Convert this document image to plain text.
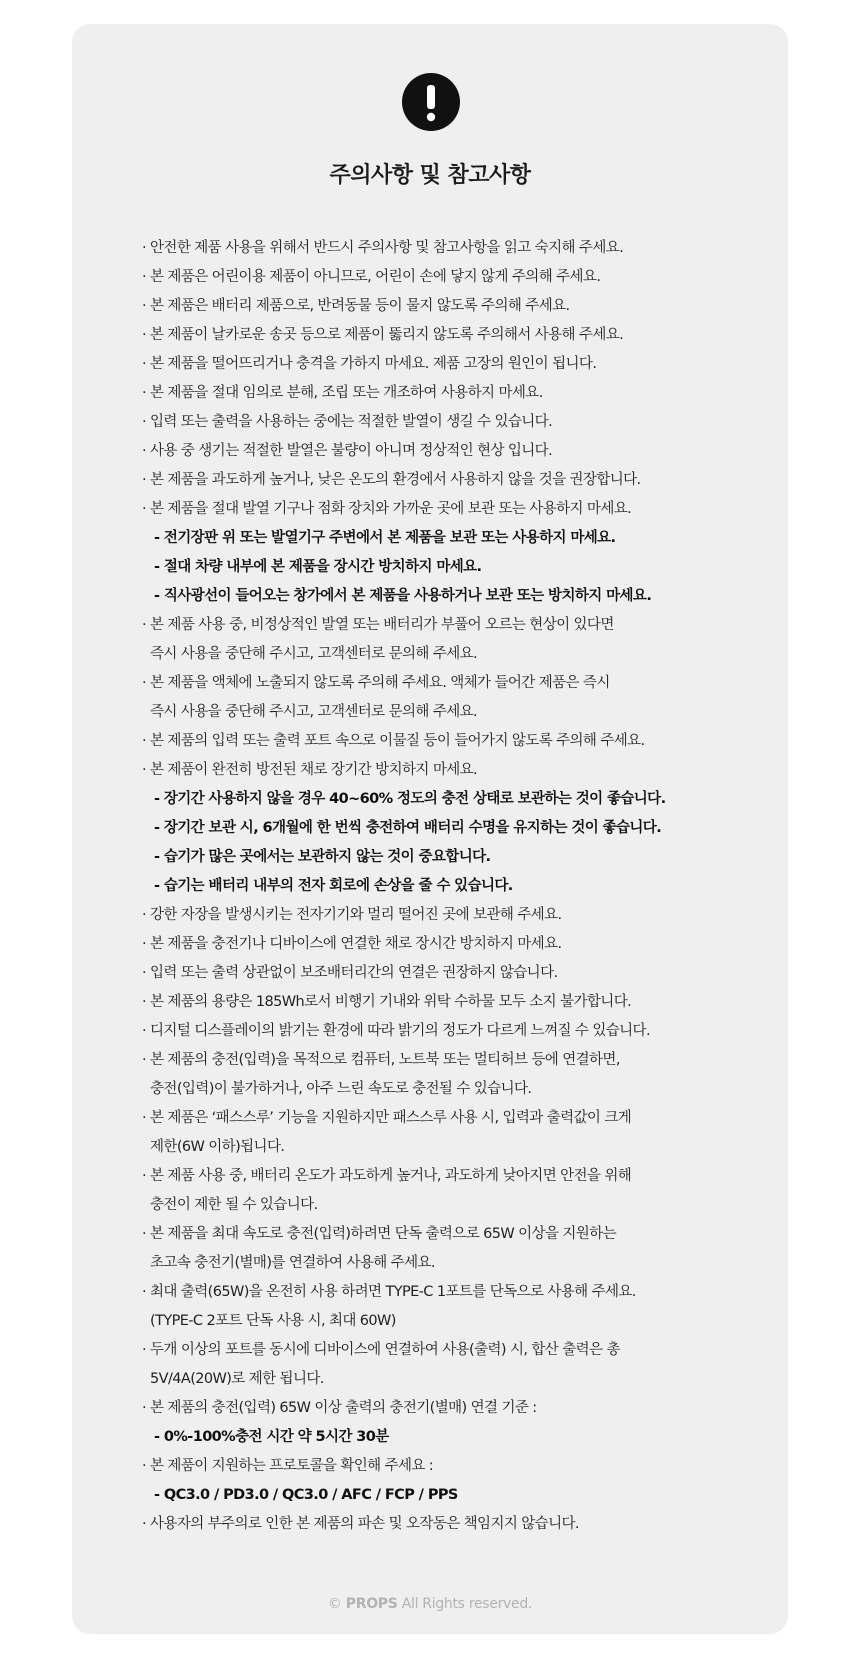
주의사항 및 참고사항
· 안전한 제품 사용을 위해서 반드시 주의사항 및 참고사항을 읽고 숙지해 주세요.
· 본 제품은 어린이용 제품이 아니므로, 어린이 손에 닿지 않게 주의해 주세요.
· 본 제품은 배터리 제품으로, 반려동물 등이 물지 않도록 주의해 주세요.
· 본 제품이 날카로운 송곳 등으로 제품이 뚫리지 않도록 주의해서 사용해 주세요.
· 본 제품을 떨어뜨리거나 충격을 가하지 마세요. 제품 고장의 원인이 됩니다.
· 본 제품을 절대 임의로 분해, 조립 또는 개조하여 사용하지 마세요.
· 입력 또는 출력을 사용하는 중에는 적절한 발열이 생길 수 있습니다.
· 사용 중 생기는 적절한 발열은 불량이 아니며 정상적인 현상 입니다.
· 본 제품을 과도하게 높거나, 낮은 온도의 환경에서 사용하지 않을 것을 권장합니다.
· 본 제품을 절대 발열 기구나 점화 장치와 가까운 곳에 보관 또는 사용하지 마세요.
- 전기장판 위 또는 발열기구 주변에서 본 제품을 보관 또는 사용하지 마세요.
- 절대 차량 내부에 본 제품을 장시간 방치하지 마세요.
- 직사광선이 들어오는 창가에서 본 제품을 사용하거나 보관 또는 방치하지 마세요.
· 본 제품 사용 중, 비정상적인 발열 또는 배터리가 부풀어 오르는 현상이 있다면
즉시 사용을 중단해 주시고, 고객센터로 문의해 주세요.
· 본 제품을 액체에 노출되지 않도록 주의해 주세요. 액체가 들어간 제품은 즉시
즉시 사용을 중단해 주시고, 고객센터로 문의해 주세요.
· 본 제품의 입력 또는 출력 포트 속으로 이물질 등이 들어가지 않도록 주의해 주세요.
· 본 제품이 완전히 방전된 채로 장기간 방치하지 마세요.
- 장기간 사용하지 않을 경우 40~60% 정도의 충전 상태로 보관하는 것이 좋습니다.
- 장기간 보관 시, 6개월에 한 번씩 충전하여 배터리 수명을 유지하는 것이 좋습니다.
- 습기가 많은 곳에서는 보관하지 않는 것이 중요합니다.
- 습기는 배터리 내부의 전자 회로에 손상을 줄 수 있습니다.
· 강한 자장을 발생시키는 전자기기와 멀리 떨어진 곳에 보관해 주세요.
· 본 제품을 충전기나 디바이스에 연결한 채로 장시간 방치하지 마세요.
· 입력 또는 출력 상관없이 보조배터리간의 연결은 권장하지 않습니다.
· 본 제품의 용량은 185Wh로서 비행기 기내와 위탁 수하물 모두 소지 불가합니다.
· 디지털 디스플레이의 밝기는 환경에 따라 밝기의 정도가 다르게 느껴질 수 있습니다.
· 본 제품의 충전(입력)을 목적으로 컴퓨터, 노트북 또는 멀티허브 등에 연결하면,
충전(입력)이 불가하거나, 아주 느린 속도로 충전될 수 있습니다.
· 본 제품은 ‘패스스루’ 기능을 지원하지만 패스스루 사용 시, 입력과 출력값이 크게
제한(6W 이하)됩니다.
· 본 제품 사용 중, 배터리 온도가 과도하게 높거나, 과도하게 낮아지면 안전을 위해
충전이 제한 될 수 있습니다.
· 본 제품을 최대 속도로 충전(입력)하려면 단독 출력으로 65W 이상을 지원하는
초고속 충전기(별매)를 연결하여 사용해 주세요.
· 최대 출력(65W)을 온전히 사용 하려면 TYPE-C 1포트를 단독으로 사용해 주세요.
(TYPE-C 2포트 단독 사용 시, 최대 60W)
· 두개 이상의 포트를 동시에 디바이스에 연결하여 사용(출력) 시, 합산 출력은 총
5V/4A(20W)로 제한 됩니다.
· 본 제품의 충전(입력) 65W 이상 출력의 충전기(별매) 연결 기준 :
- 0%-100%충전 시간 약 5시간 30분
· 본 제품이 지원하는 프로토콜을 확인해 주세요 :
- QC3.0 / PD3.0 / QC3.0 / AFC / FCP / PPS
· 사용자의 부주의로 인한 본 제품의 파손 및 오작동은 책임지지 않습니다.
© PROPS All Rights reserved.
